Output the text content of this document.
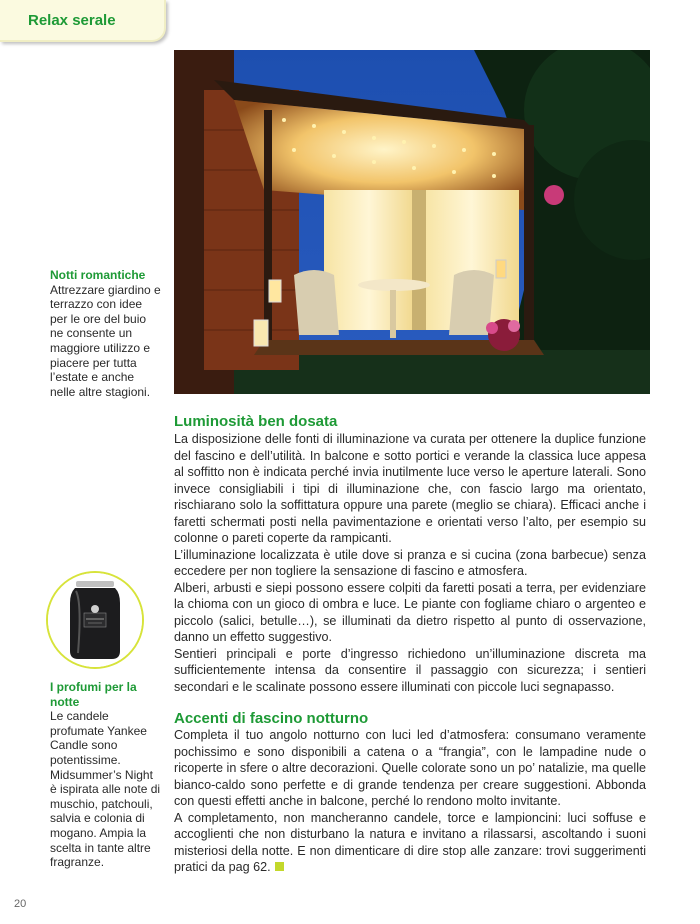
Relax serale
Notti romantiche
Attrezzare giardino e terrazzo con idee per le ore del buio ne consente un maggiore utilizzo e piacere per tutta l’estate e anche nelle altre stagioni.
I profumi per la notte
Le candele profumate Yankee Candle sono potentissime. Midsummer’s Night è ispirata alle note di muschio, patchouli, salvia e colonia di mogano. Ampia la scelta in tante altre fragranze.
Luminosità ben dosata

La disposizione delle fonti di illuminazione va curata per ottenere la duplice funzione del fascino e dell’utilità. In balcone e sotto portici e verande la classica luce appesa al soffitto non è indicata perché invia inutilmente luce verso le aperture laterali. Sono invece consigliabili i tipi di illuminazione che, con fascio largo ma orientato, rischiarano solo la soffittatura oppure una parete (meglio se chiara). Efficaci anche i faretti schermati posti nella pavimentazione e orientati verso l’alto, per esempio su colonne o pareti coperte da rampicanti.

L’illuminazione localizzata è utile dove si pranza e si cucina (zona barbecue) senza eccedere per non togliere la sensazione di fascino e atmosfera.

Alberi, arbusti e siepi possono essere colpiti da faretti posati a terra, per evidenziare la chioma con un gioco di ombra e luce. Le piante con fogliame chiaro o argenteo e piccolo (salici, betulle…), se illuminati da dietro rispetto al punto di osservazione, danno un effetto suggestivo.

Sentieri principali e porte d’ingresso richiedono un’illuminazione discreta ma sufficientemente intensa da consentire il passaggio con sicurezza; i sentieri secondari e le scalinate possono essere illuminati con piccole luci segnapasso.

Accenti di fascino notturno

Completa il tuo angolo notturno con luci led d’atmosfera: consumano veramente pochissimo e sono disponibili a catena o a “frangia”, con le lampadine nude o ricoperte in sfere o altre decorazioni. Quelle colorate sono un po’ natalizie, ma quelle bianco-caldo sono perfette e di grande tendenza per creare suggestioni. Abbonda con questi effetti anche in balcone, perché lo rendono molto invitante.

A completamento, non mancheranno candele, torce e lampioncini: luci soffuse e accoglienti che non disturbano la natura e invitano a rilassarsi, ascoltando i suoni misteriosi della notte. E non dimenticare di dire stop alle zanzare: trovi suggerimenti pratici da pag 62.

20
